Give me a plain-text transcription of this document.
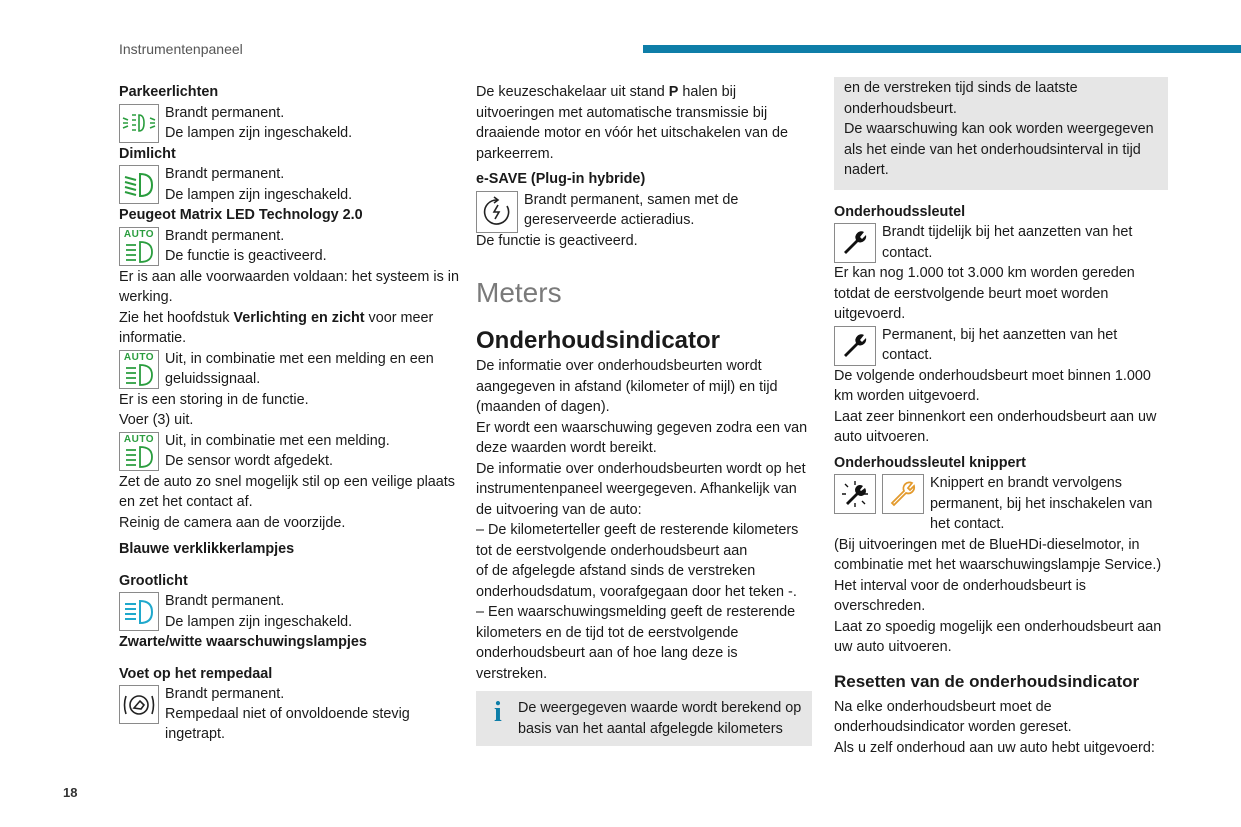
Instrumentenpaneel

Parkeerlichten

Brandt permanent.

De lampen zijn ingeschakeld.

Dimlicht

Brandt permanent.

De lampen zijn ingeschakeld.

Peugeot Matrix LED Technology 2.0

AUTO Brandt permanent.

De functie is geactiveerd.

Er is aan alle voorwaarden voldaan: het systeem is in werking.

Zie het hoofdstuk Verlichting en zicht voor meer informatie.

AUTO Uit, in combinatie met een melding en een geluidssignaal.

Er is een storing in de functie.

Voer (3) uit.

AUTO Uit, in combinatie met een melding.

De sensor wordt afgedekt.

Zet de auto zo snel mogelijk stil op een veilige plaats en zet het contact af.

Reinig de camera aan de voorzijde.

Blauwe verklikkerlampjes

Grootlicht

Brandt permanent.

De lampen zijn ingeschakeld.

Zwarte/witte waarschuwingslampjes

Voet op het rempedaal

Brandt permanent.

Rempedaal niet of onvoldoende stevig ingetrapt.

De keuzeschakelaar uit stand P halen bij uitvoeringen met automatische transmissie bij draaiende motor en vóór het uitschakelen van de parkeerrem.

e-SAVE (Plug-in hybride)

Brandt permanent, samen met de gereserveerde actieradius.

De functie is geactiveerd.

Meters
Onderhoudsindicator

De informatie over onderhoudsbeurten wordt aangegeven in afstand (kilometer of mijl) en tijd (maanden of dagen).

Er wordt een waarschuwing gegeven zodra een van deze waarden wordt bereikt.

De informatie over onderhoudsbeurten wordt op het instrumentenpaneel weergegeven. Afhankelijk van de uitvoering van de auto:

– De kilometerteller geeft de resterende kilometers tot de eerstvolgende onderhoudsbeurt aan

of de afgelegde afstand sinds de verstreken onderhoudsdatum, voorafgegaan door het teken -.

– Een waarschuwingsmelding geeft de resterende kilometers en de tijd tot de eerstvolgende onderhoudsbeurt aan of hoe lang deze is verstreken.

i	De weergegeven waarde wordt berekend op basis van het aantal afgelegde kilometers

en de verstreken tijd sinds de laatste onderhoudsbeurt.

De waarschuwing kan ook worden weergegeven als het einde van het onderhoudsinterval in tijd nadert.

Onderhoudssleutel

Brandt tijdelijk bij het aanzetten van het contact.

Er kan nog 1.000 tot 3.000 km worden gereden totdat de eerstvolgende beurt moet worden uitgevoerd.

Permanent, bij het aanzetten van het contact.

De volgende onderhoudsbeurt moet binnen 1.000 km worden uitgevoerd.

Laat zeer binnenkort een onderhoudsbeurt aan uw auto uitvoeren.

Onderhoudssleutel knippert

Knippert en brandt vervolgens permanent, bij het inschakelen van het contact.

(Bij uitvoeringen met de BlueHDi-dieselmotor, in combinatie met het waarschuwingslampje Service.)

Het interval voor de onderhoudsbeurt is overschreden.

Laat zo spoedig mogelijk een onderhoudsbeurt aan uw auto uitvoeren.

Resetten van de onderhoudsindicator

Na elke onderhoudsbeurt moet de onderhoudsindicator worden gereset.

Als u zelf onderhoud aan uw auto hebt uitgevoerd:

18
